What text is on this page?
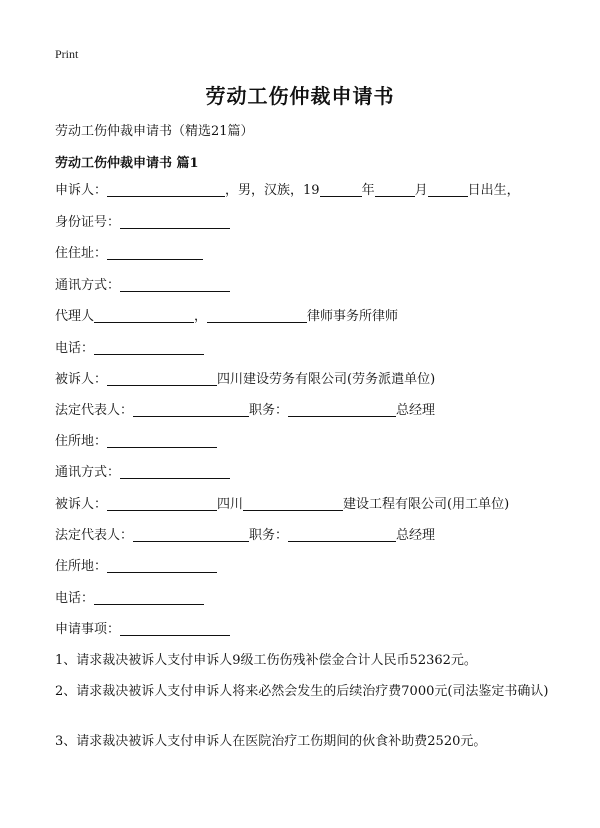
Print
劳动工伤仲裁申请书
劳动工伤仲裁申请书（精选21篇）
劳动工伤仲裁申请书 篇1
申诉人：	，男，汉族，19	年	月	日出生，
身份证号：
住住址：
通讯方式：
代理人	，	律师事务所律师
电话：
被诉人：	四川建设劳务有限公司(劳务派遣单位)
法定代表人：	职务：	总经理
住所地：
通讯方式：
被诉人：	四川	建设工程有限公司(用工单位)
法定代表人：	职务：	总经理
住所地：
电话：
申请事项：
1、请求裁决被诉人支付申诉人9级工伤伤残补偿金合计人民币52362元。
2、请求裁决被诉人支付申诉人将来必然会发生的后续治疗费7000元(司法鉴定书确认)
3、请求裁决被诉人支付申诉人在医院治疗工伤期间的伙食补助费2520元。
